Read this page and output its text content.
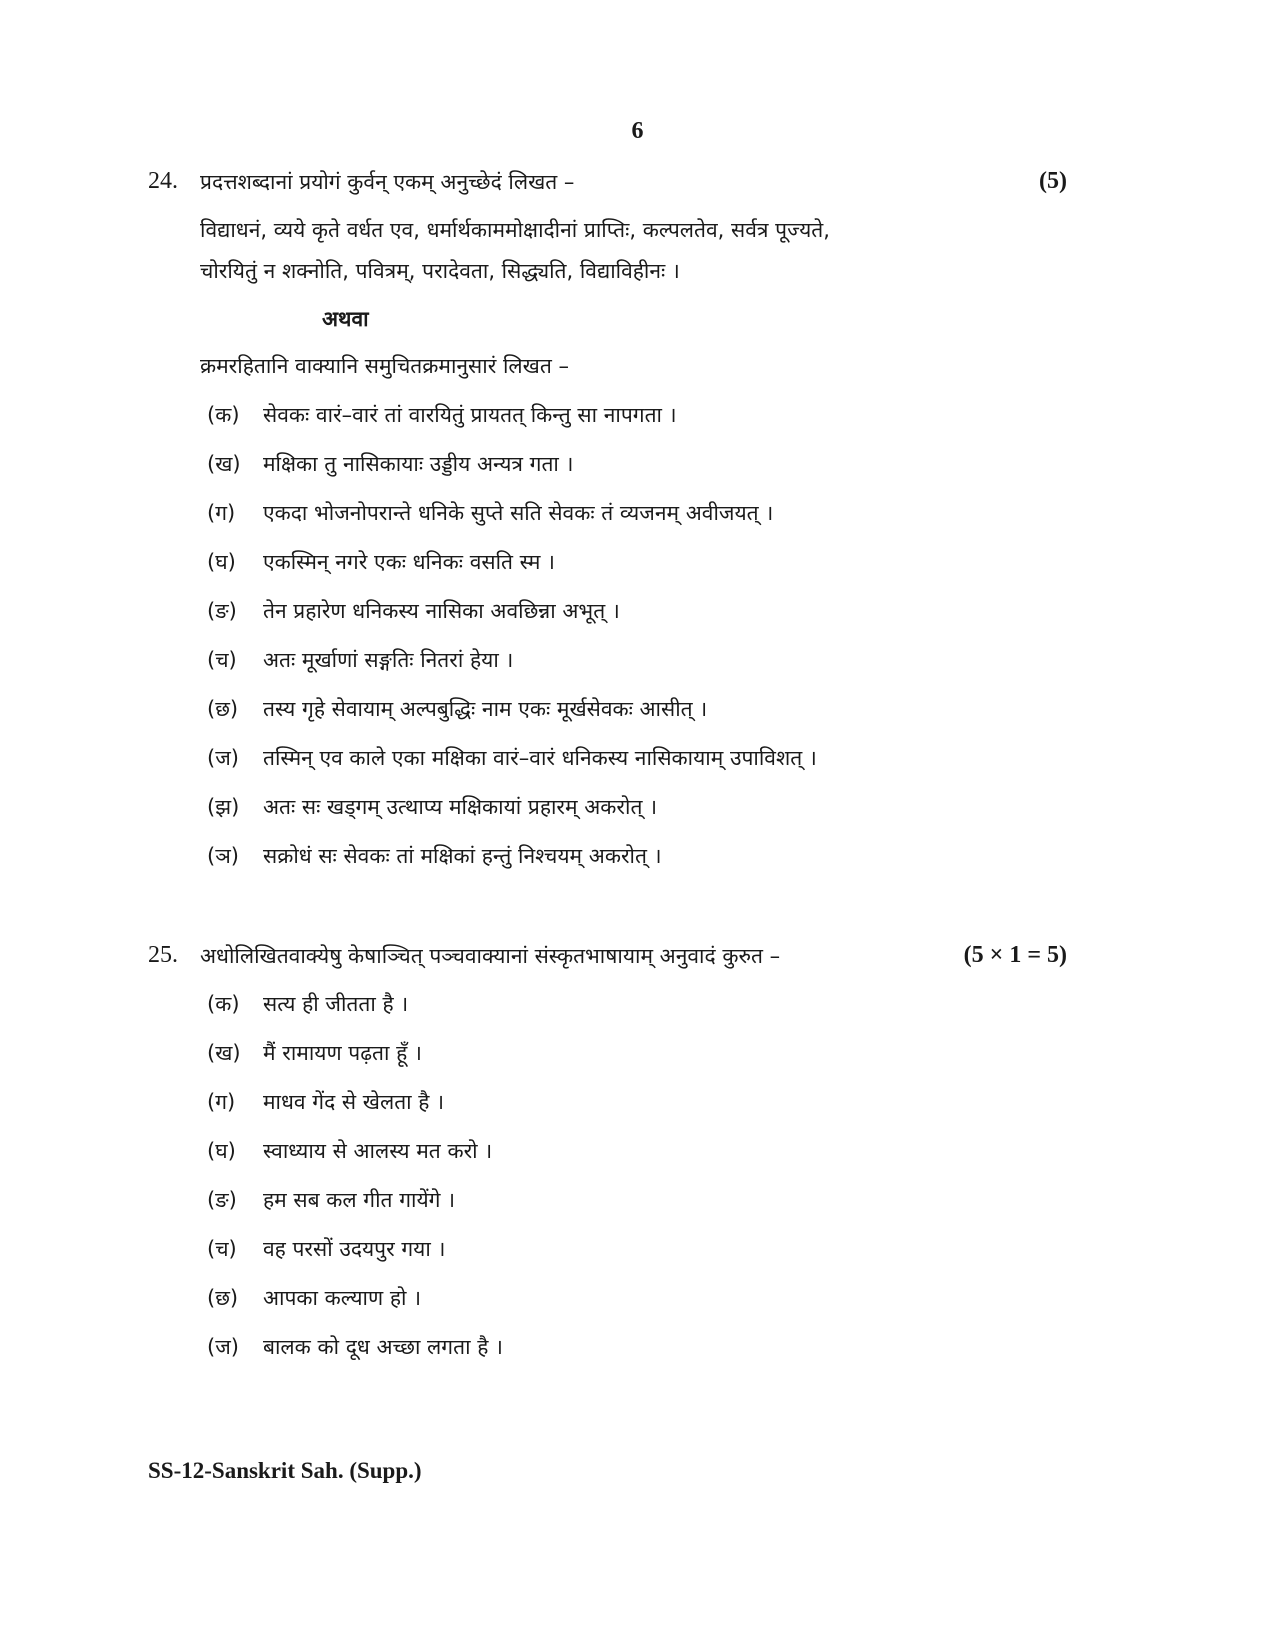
6
24. प्रदत्तशब्दानां प्रयोगं कुर्वन् एकम् अनुच्छेदं लिखत –	(5)
विद्याधनं, व्यये कृते वर्धत एव, धर्मार्थकाममोक्षादीनां प्राप्तिः, कल्पलतेव, सर्वत्र पूज्यते,
चोरयितुं न शक्नोति, पवित्रम्, परादेवता, सिद्ध्यति, विद्याविहीनः ।
अथवा
क्रमरहितानि वाक्यानि समुचितक्रमानुसारं लिखत –
(क) सेवकः वारं–वारं तां वारयितुं प्रायतत् किन्तु सा नापगता ।
(ख) मक्षिका तु नासिकायाः उड्डीय अन्यत्र गता ।
(ग) एकदा भोजनोपरान्ते धनिके सुप्ते सति सेवकः तं व्यजनम् अवीजयत् ।
(घ) एकस्मिन् नगरे एकः धनिकः वसति स्म ।
(ङ) तेन प्रहारेण धनिकस्य नासिका अवछिन्ना अभूत् ।
(च) अतः मूर्खाणां सङ्गतिः नितरां हेया ।
(छ) तस्य गृहे सेवायाम् अल्पबुद्धिः नाम एकः मूर्खसेवकः आसीत् ।
(ज) तस्मिन् एव काले एका मक्षिका वारं–वारं धनिकस्य नासिकायाम् उपाविशत् ।
(झ) अतः सः खड्गम् उत्थाप्य मक्षिकायां प्रहारम् अकरोत् ।
(ञ) सक्रोधं सः सेवकः तां मक्षिकां हन्तुं निश्चयम् अकरोत् ।
25. अधोलिखितवाक्येषु केषाञ्चित् पञ्चवाक्यानां संस्कृतभाषायाम् अनुवादं कुरुत –	(5 × 1 = 5)
(क) सत्य ही जीतता है ।
(ख) मैं रामायण पढ़ता हूँ ।
(ग) माधव गेंद से खेलता है ।
(घ) स्वाध्याय से आलस्य मत करो ।
(ङ) हम सब कल गीत गायेंगे ।
(च) वह परसों उदयपुर गया ।
(छ) आपका कल्याण हो ।
(ज) बालक को दूध अच्छा लगता है ।
SS-12-Sanskrit Sah. (Supp.)
